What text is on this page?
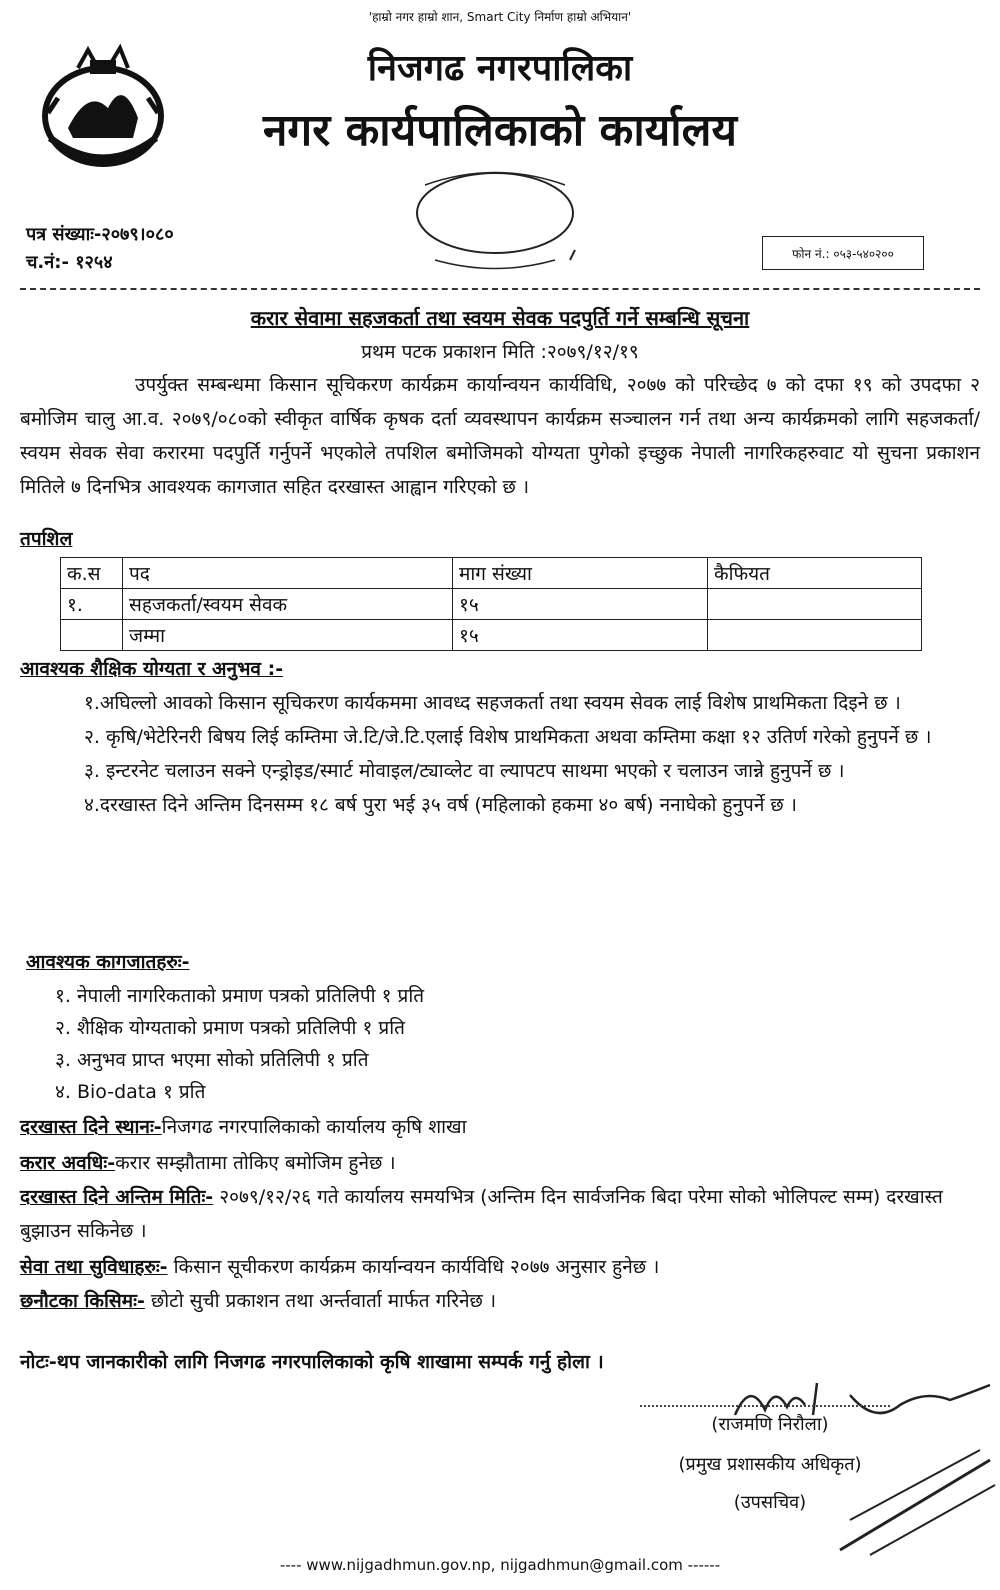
'हाम्रो नगर हाम्रो शान, Smart City निर्माण हाम्रो अभियान'
निजगढ नगरपालिका
नगर कार्यपालिकाको कार्यालय
पत्र संख्याः-२०७९।०८०
च.नं:- १२५४	फोन नं.: ०५३-५४०२००
करार सेवामा सहजकर्ता तथा स्वयम सेवक पदपुर्ति गर्ने सम्बन्धि सूचना
प्रथम पटक प्रकाशन मिति :२०७९/१२/१९
उपर्युक्त सम्बन्धमा किसान सूचिकरण कार्यक्रम कार्यान्वयन कार्यविधि, २०७७ को परिच्छेद ७ को दफा १९ को उपदफा २ बमोजिम चालु आ.व. २०७९/०८०को स्वीकृत वार्षिक कृषक दर्ता व्यवस्थापन कार्यक्रम सञ्चालन गर्न तथा अन्य कार्यक्रमको लागि सहजकर्ता/स्वयम सेवक सेवा करारमा पदपुर्ति गर्नुपर्ने भएकोले तपशिल बमोजिमको योग्यता पुगेको इच्छुक नेपाली नागरिकहरुवाट यो सुचना प्रकाशन मितिले ७ दिनभित्र आवश्यक कागजात सहित दरखास्त आह्वान गरिएको छ ।
तपशिल
क.स	पद	माग संख्या	कैफियत
१.	सहजकर्ता/स्वयम सेवक	१५	
	जम्मा	१५	
आवश्यक शैक्षिक योग्यता र अनुभव :-

१.अघिल्लो आवको किसान सूचिकरण कार्यकममा आवध्द सहजकर्ता तथा स्वयम सेवक लाई विशेष प्राथमिकता दिइने छ ।

२. कृषि/भेटेरिनरी बिषय लिई कम्तिमा जे.टि/जे.टि.एलाई विशेष प्राथमिकता अथवा कम्तिमा कक्षा १२ उतिर्ण गरेको हुनुपर्ने छ ।

३. इन्टरनेट चलाउन सक्ने एन्ड्रोइड/स्मार्ट मोवाइल/ट्याव्लेट वा ल्यापटप साथमा भएको र चलाउन जान्ने हुनुपर्ने छ ।

४.दरखास्त दिने अन्तिम दिनसम्म १८ बर्ष पुरा भई ३५ वर्ष (महिलाको हकमा ४० बर्ष) ननाघेको हुनुपर्ने छ ।

आवश्यक कागजातहरुः-

१. नेपाली नागरिकताको प्रमाण पत्रको प्रतिलिपी १ प्रति

२. शैक्षिक योग्यताको प्रमाण पत्रको प्रतिलिपी १ प्रति

३. अनुभव प्राप्त भएमा सोको प्रतिलिपी १ प्रति

४. Bio-data १ प्रति

दरखास्त दिने स्थानः-निजगढ नगरपालिकाको कार्यालय कृषि शाखा
करार अवधिः-करार सम्झौतामा तोकिए बमोजिम हुनेछ ।
दरखास्त दिने अन्तिम मितिः- २०७९/१२/२६ गते कार्यालय समयभित्र (अन्तिम दिन सार्वजनिक बिदा परेमा सोको भोलिपल्ट सम्म) दरखास्त बुझाउन सकिनेछ ।
सेवा तथा सुविधाहरुः- किसान सूचीकरण कार्यक्रम कार्यान्वयन कार्यविधि २०७७ अनुसार हुनेछ ।
छनौटका किसिमः- छोटो सुची प्रकाशन तथा अर्न्तवार्ता मार्फत गरिनेछ ।
नोटः-थप जानकारीको लागि निजगढ नगरपालिकाको कृषि शाखामा सम्पर्क गर्नु होला ।
(राजमणि निरौला)
(प्रमुख प्रशासकीय अधिकृत)
(उपसचिव)
---- www.nijgadhmun.gov.np, nijgadhmun@gmail.com ------
